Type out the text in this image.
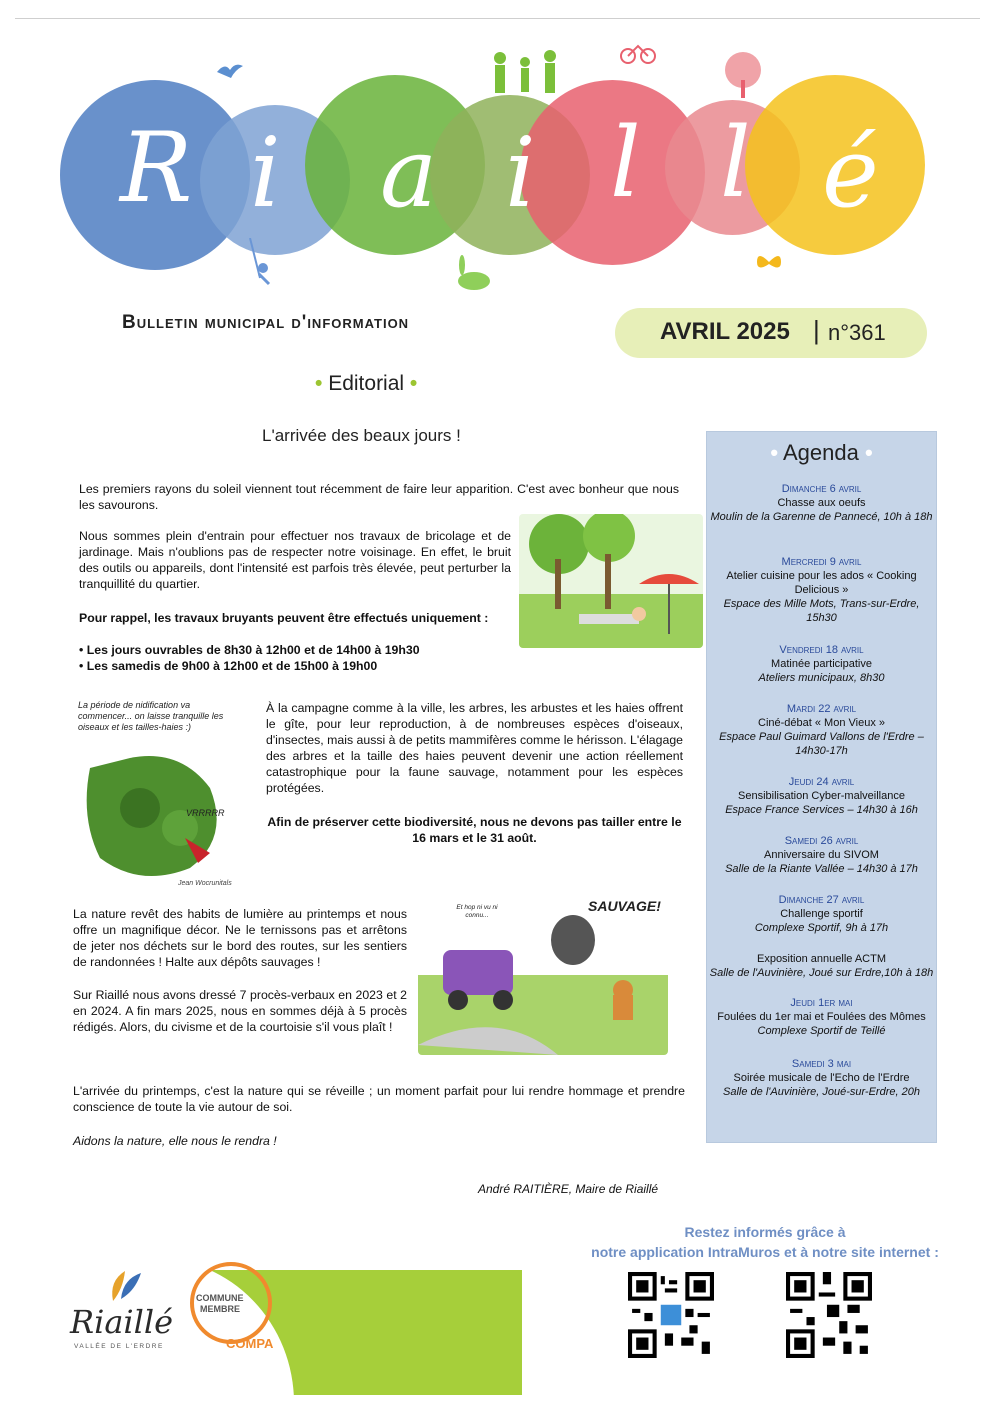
R i a i l l é
Bulletin municipal d'information	AVRIL 2025 | n°361
• Editorial •
L'arrivée des beaux jours !

Les premiers rayons du soleil viennent tout récemment de faire leur apparition. C'est avec bonheur que nous les savourons.

Nous sommes plein d'entrain pour effectuer nos travaux de bricolage et de jardinage. Mais n'oublions pas de respecter notre voisinage. En effet, le bruit des outils ou appareils, dont l'intensité est parfois très élevée, peut perturber la tranquillité du quartier.

Pour rappel, les travaux bruyants peuvent être effectués uniquement :

• Les jours ouvrables de 8h30 à 12h00 et de 14h00 à 19h30

• Les samedis de 9h00 à 12h00 et de 15h00 à 19h00

La période de nidification va commencer... on laisse tranquille les oiseaux et les tailles-haies :)
VRRRRR
Jean Wocrunitals

À la campagne comme à la ville, les arbres, les arbustes et les haies offrent le gîte, pour leur reproduction, à de nombreuses espèces d'oiseaux, d'insectes, mais aussi à de petits mammifères comme le hérisson. L'élagage des arbres et la taille des haies peuvent devenir une action réellement catastrophique pour la faune sauvage, notamment pour les espèces protégées.

Afin de préserver cette biodiversité, nous ne devons pas tailler entre le 16 mars et le 31 août.

La nature revêt des habits de lumière au printemps et nous offre un magnifique décor. Ne le ternissons pas et arrêtons de jeter nos déchets sur le bord des routes, sur les sentiers de randonnées ! Halte aux dépôts sauvages !

Sur Riaillé nous avons dressé 7 procès-verbaux en 2023 et 2 en 2024. A fin mars 2025, nous en sommes déjà à 5 procès rédigés. Alors, du civisme et de la courtoisie s'il vous plaît !

Et hop ni vu ni connu...
SAUVAGE!

L'arrivée du printemps, c'est la nature qui se réveille ; un moment parfait pour lui rendre hommage et prendre conscience de toute la vie autour de soi.

Aidons la nature, elle nous le rendra !

André RAITIÈRE, Maire de Riaillé
• Agenda •
Dimanche 6 avril
Chasse aux oeufs
Moulin de la Garenne de Pannecé, 10h à 18h
Mercredi 9 avril
Atelier cuisine pour les ados « Cooking Delicious »
Espace des Mille Mots, Trans-sur-Erdre, 15h30
Vendredi 18 avril
Matinée participative
Ateliers municipaux, 8h30
Mardi 22 avril
Ciné-débat « Mon Vieux »
Espace Paul Guimard Vallons de l'Erdre – 14h30-17h
Jeudi 24 avril
Sensibilisation Cyber-malveillance
Espace France Services – 14h30 à 16h
Samedi 26 avril
Anniversaire du SIVOM
Salle de la Riante Vallée – 14h30 à 17h
Dimanche 27 avril
Challenge sportif
Complexe Sportif, 9h à 17h
Exposition annuelle ACTM
Salle de l'Auvinière, Joué sur Erdre,10h à 18h
Jeudi 1er mai
Foulées du 1er mai et Foulées des Mômes
Complexe Sportif de Teillé
Samedi 3 mai
Soirée musicale de l'Echo de l'Erdre
Salle de l'Auvinière, Joué-sur-Erdre, 20h
Restez informés grâce à
notre application IntraMuros et à notre site internet :
Riaillé
VALLÉE DE L'ERDRE
COMMUNE
MEMBRE
COMPA
